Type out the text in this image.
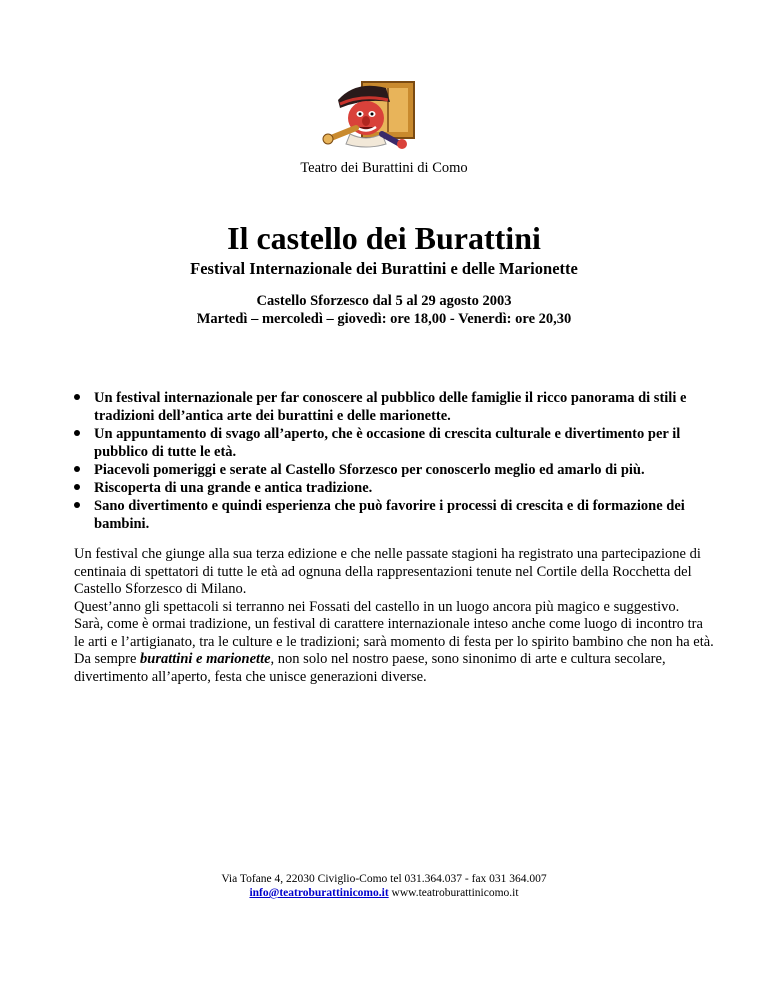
Teatro dei Burattini di Como
Il castello dei Burattini
Festival Internazionale dei Burattini e delle Marionette
Castello Sforzesco dal 5 al 29 agosto 2003
Martedì – mercoledì – giovedì: ore 18,00 - Venerdì: ore 20,30
Un festival internazionale per far conoscere al pubblico delle famiglie il ricco panorama di stili e tradizioni dell’antica arte dei burattini e delle marionette.
Un appuntamento di svago all’aperto, che è occasione di crescita culturale e divertimento per il pubblico di tutte le età.
Piacevoli pomeriggi e serate al Castello Sforzesco per conoscerlo meglio ed amarlo di più.
Riscoperta di una grande e antica tradizione.
Sano divertimento e quindi esperienza che può favorire i processi di crescita e di formazione dei bambini.

Un festival che giunge alla sua terza edizione e che nelle passate stagioni ha registrato una partecipazione di centinaia di spettatori di tutte le età ad ognuna della rappresentazioni tenute nel Cortile della Rocchetta del Castello Sforzesco di Milano.

Quest’anno gli spettacoli si terranno nei Fossati del castello in un luogo ancora più magico e suggestivo.

Sarà, come è ormai tradizione, un festival di carattere internazionale inteso anche come luogo di incontro tra le arti e l’artigianato, tra le culture e le tradizioni; sarà momento di festa per lo spirito bambino che non ha età.

Da sempre burattini e marionette, non solo nel nostro paese, sono sinonimo di arte e cultura secolare, divertimento all’aperto, festa che unisce generazioni diverse.

Via Tofane 4, 22030 Civiglio-Como tel 031.364.037 - fax 031 364.007
info@teatroburattinicomo.it www.teatroburattinicomo.it
